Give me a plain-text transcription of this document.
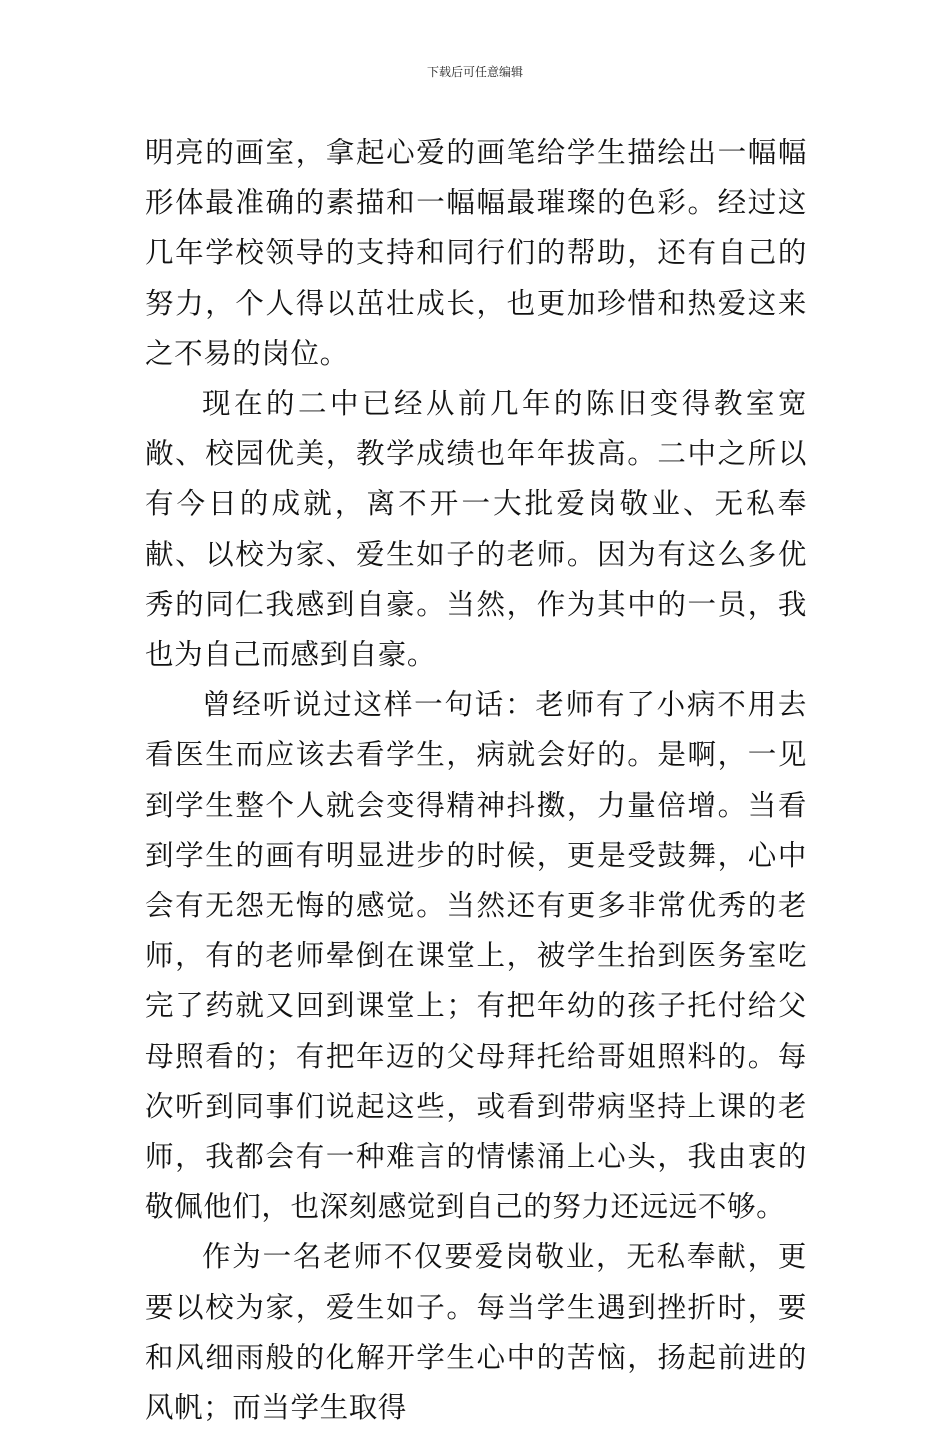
下载后可任意编辑

明亮的画室，拿起心爱的画笔给学生描绘出一幅幅形体最准确的素描和一幅幅最璀璨的色彩。经过这几年学校领导的支持和同行们的帮助，还有自己的努力，个人得以茁壮成长，也更加珍惜和热爱这来之不易的岗位。

现在的二中已经从前几年的陈旧变得教室宽敞、校园优美，教学成绩也年年拔高。二中之所以有今日的成就，离不开一大批爱岗敬业、无私奉献、以校为家、爱生如子的老师。因为有这么多优秀的同仁我感到自豪。当然，作为其中的一员，我也为自己而感到自豪。

曾经听说过这样一句话：老师有了小病不用去看医生而应该去看学生，病就会好的。是啊，一见到学生整个人就会变得精神抖擞，力量倍增。当看到学生的画有明显进步的时候，更是受鼓舞，心中会有无怨无悔的感觉。当然还有更多非常优秀的老师，有的老师晕倒在课堂上，被学生抬到医务室吃完了药就又回到课堂上；有把年幼的孩子托付给父母照看的；有把年迈的父母拜托给哥姐照料的。每次听到同事们说起这些，或看到带病坚持上课的老师，我都会有一种难言的情愫涌上心头，我由衷的敬佩他们，也深刻感觉到自己的努力还远远不够。

作为一名老师不仅要爱岗敬业，无私奉献，更要以校为家，爱生如子。每当学生遇到挫折时，要和风细雨般的化解开学生心中的苦恼，扬起前进的风帆；而当学生取得
